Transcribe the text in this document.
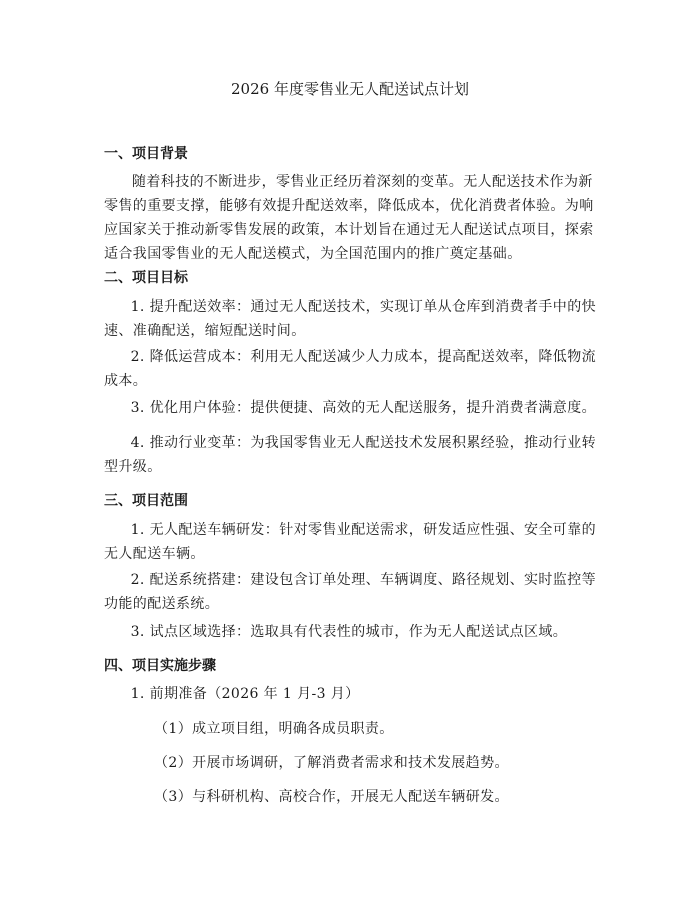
2026 年度零售业无人配送试点计划
一、项目背景
随着科技的不断进步，零售业正经历着深刻的变革。无人配送技术作为新零售的重要支撑，能够有效提升配送效率，降低成本，优化消费者体验。为响应国家关于推动新零售发展的政策，本计划旨在通过无人配送试点项目，探索适合我国零售业的无人配送模式，为全国范围内的推广奠定基础。
二、项目目标
1. 提升配送效率：通过无人配送技术，实现订单从仓库到消费者手中的快速、准确配送，缩短配送时间。
2. 降低运营成本：利用无人配送减少人力成本，提高配送效率，降低物流成本。
3. 优化用户体验：提供便捷、高效的无人配送服务，提升消费者满意度。
4. 推动行业变革：为我国零售业无人配送技术发展积累经验，推动行业转型升级。
三、项目范围
1. 无人配送车辆研发：针对零售业配送需求，研发适应性强、安全可靠的无人配送车辆。
2. 配送系统搭建：建设包含订单处理、车辆调度、路径规划、实时监控等功能的配送系统。
3. 试点区域选择：选取具有代表性的城市，作为无人配送试点区域。
四、项目实施步骤
1. 前期准备（2026 年 1 月-3 月）
（1）成立项目组，明确各成员职责。
（2）开展市场调研，了解消费者需求和技术发展趋势。
（3）与科研机构、高校合作，开展无人配送车辆研发。
